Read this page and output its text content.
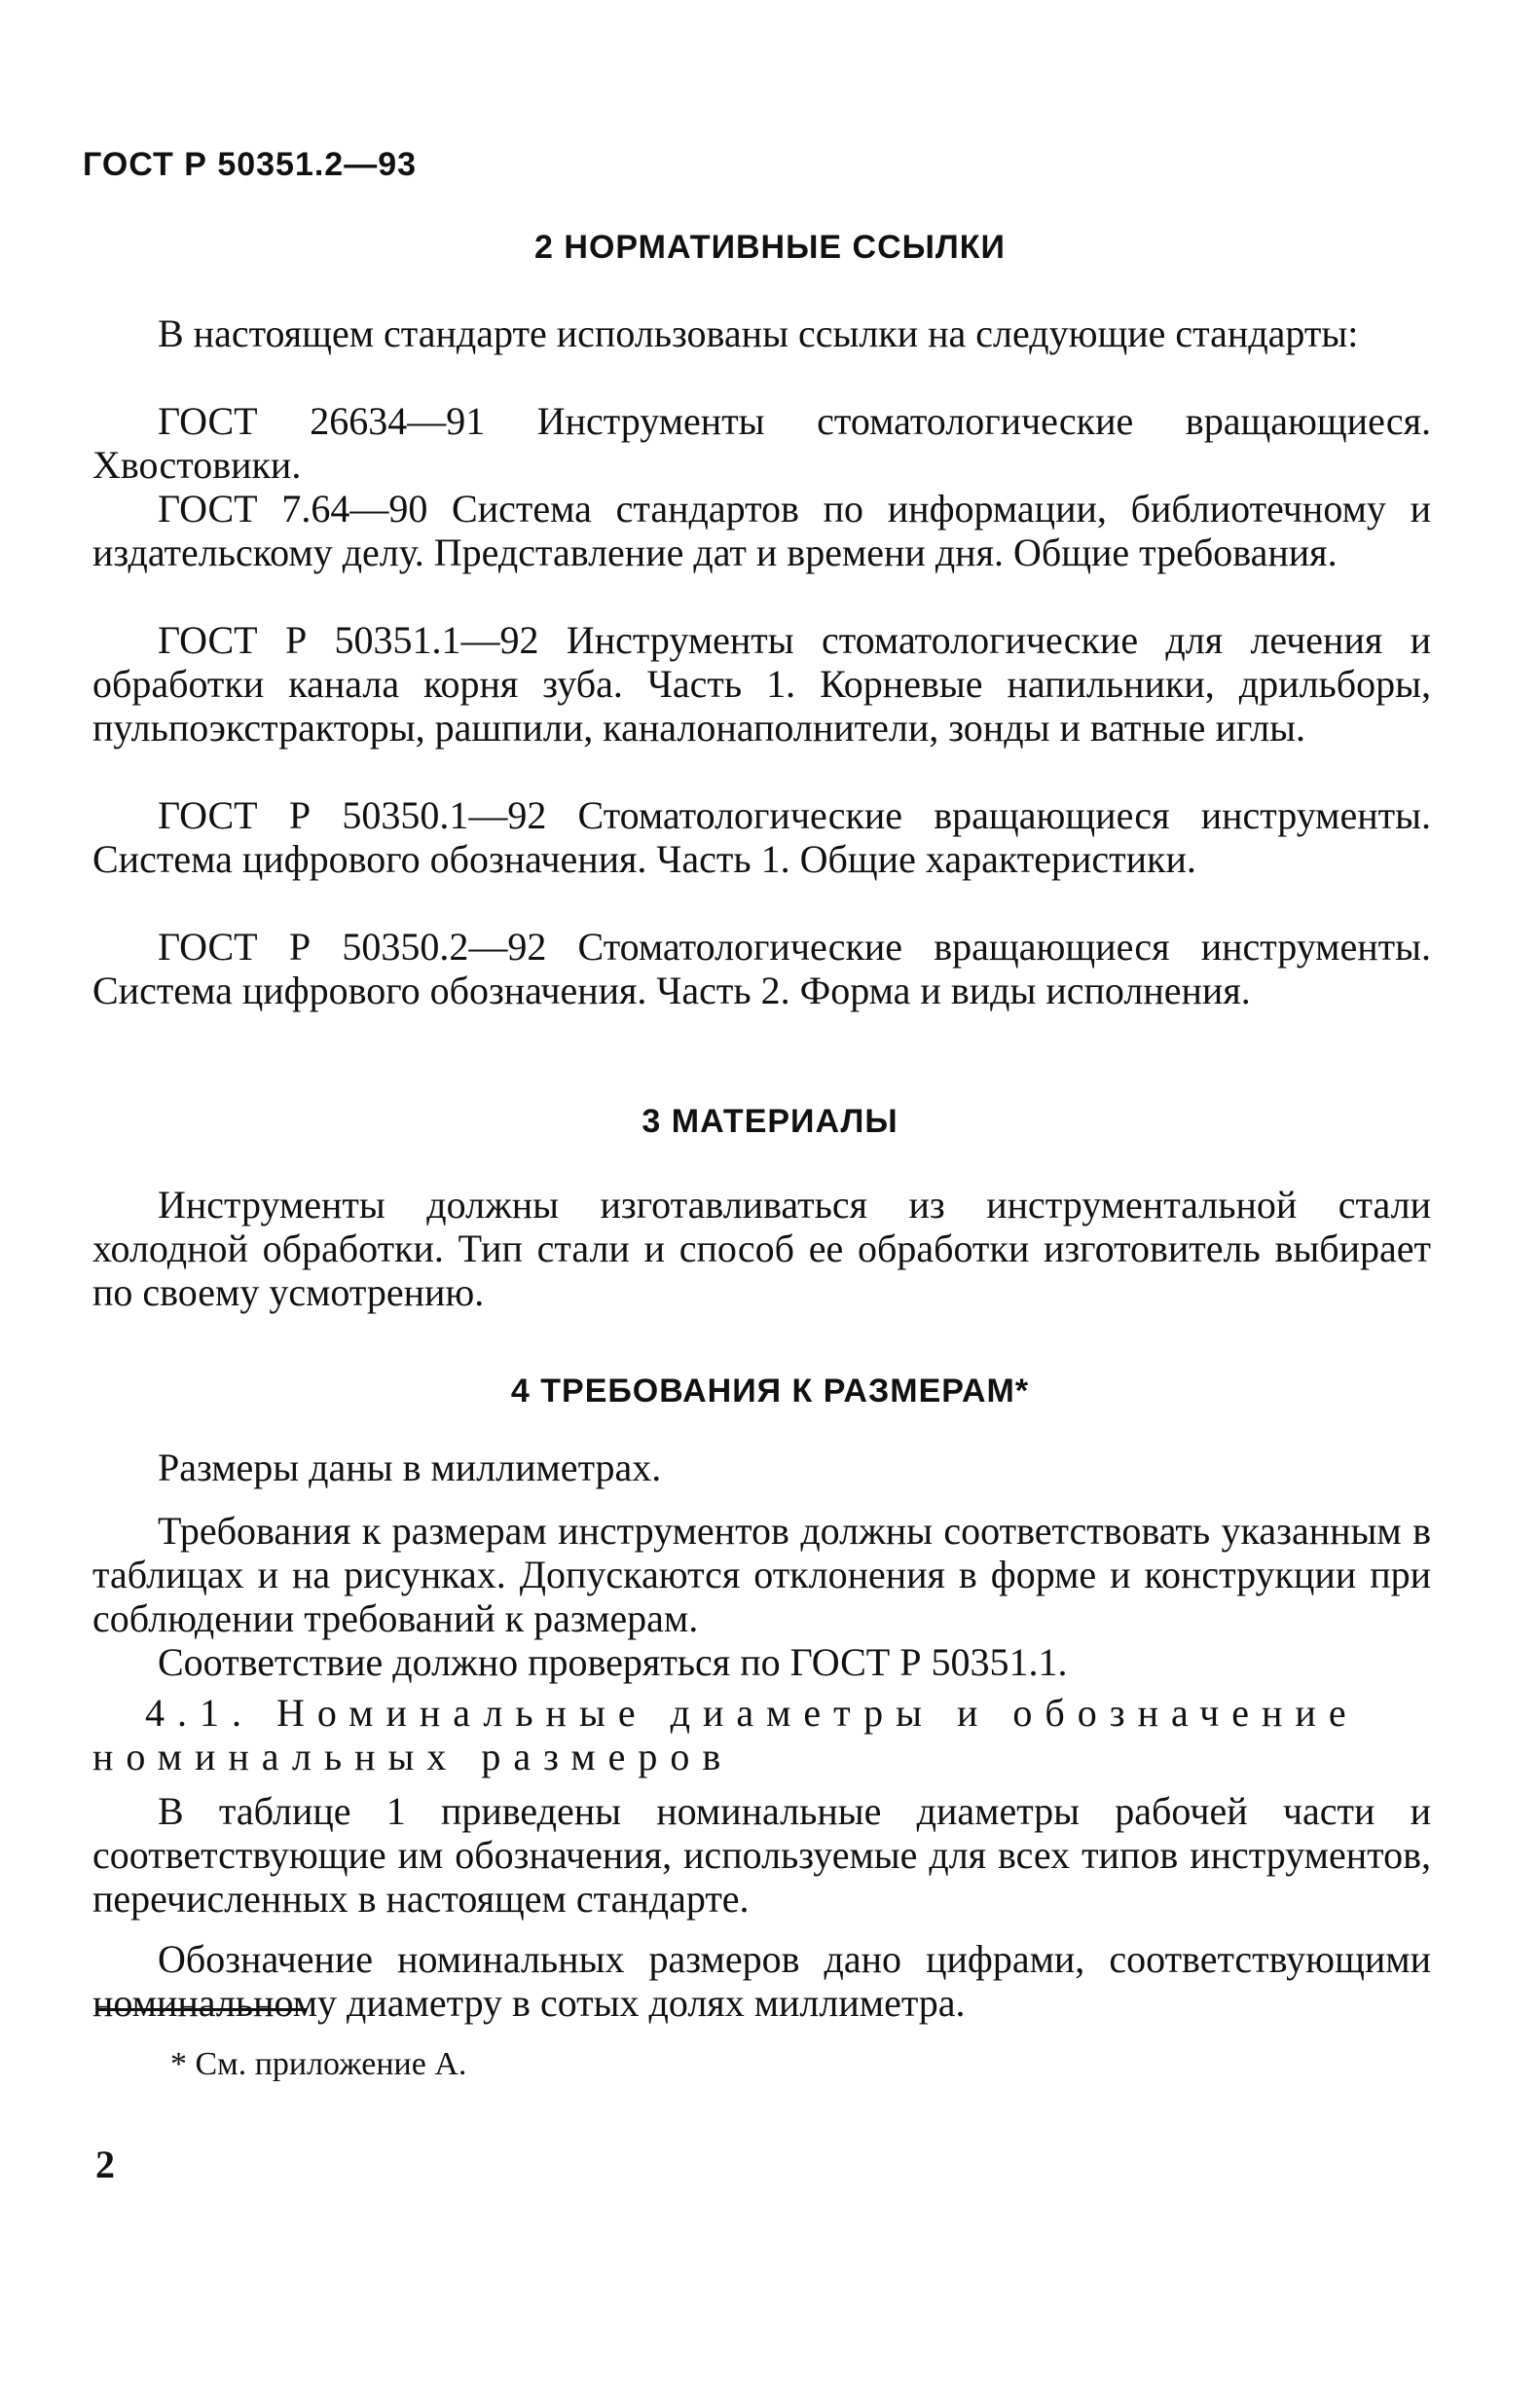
ГОСТ Р 50351.2—93

2 НОРМАТИВНЫЕ ССЫЛКИ

В настоящем стандарте использованы ссылки на следующие стандарты:

ГОСТ 26634—91 Инструменты стоматологические вращающиеся. Хвостовики.

ГОСТ 7.64—90 Система стандартов по информации, библиотечному и издательскому делу. Представление дат и времени дня. Общие требования.

ГОСТ Р 50351.1—92 Инструменты стоматологические для лечения и обработки канала корня зуба. Часть 1. Корневые напильники, дрильборы, пульпоэкстракторы, рашпили, каналонаполнители, зонды и ватные иглы.

ГОСТ Р 50350.1—92 Стоматологические вращающиеся инструменты. Система цифрового обозначения. Часть 1. Общие характеристики.

ГОСТ Р 50350.2—92 Стоматологические вращающиеся инструменты. Система цифрового обозначения. Часть 2. Форма и виды исполнения.

3 МАТЕРИАЛЫ

Инструменты должны изготавливаться из инструментальной стали холодной обработки. Тип стали и способ ее обработки изготовитель выбирает по своему усмотрению.

4 ТРЕБОВАНИЯ К РАЗМЕРАМ*

Размеры даны в миллиметрах.

Требования к размерам инструментов должны соответствовать указанным в таблицах и на рисунках. Допускаются отклонения в форме и конструкции при соблюдении требований к размерам.

Соответствие должно проверяться по ГОСТ Р 50351.1.

4.1. Номинальные диаметры и обозначение номинальных размеров

В таблице 1 приведены номинальные диаметры рабочей части и соответствующие им обозначения, используемые для всех типов инструментов, перечисленных в настоящем стандарте.

Обозначение номинальных размеров дано цифрами, соответствующими номинальному диаметру в сотых долях миллиметра.

* См. приложение А.

2
